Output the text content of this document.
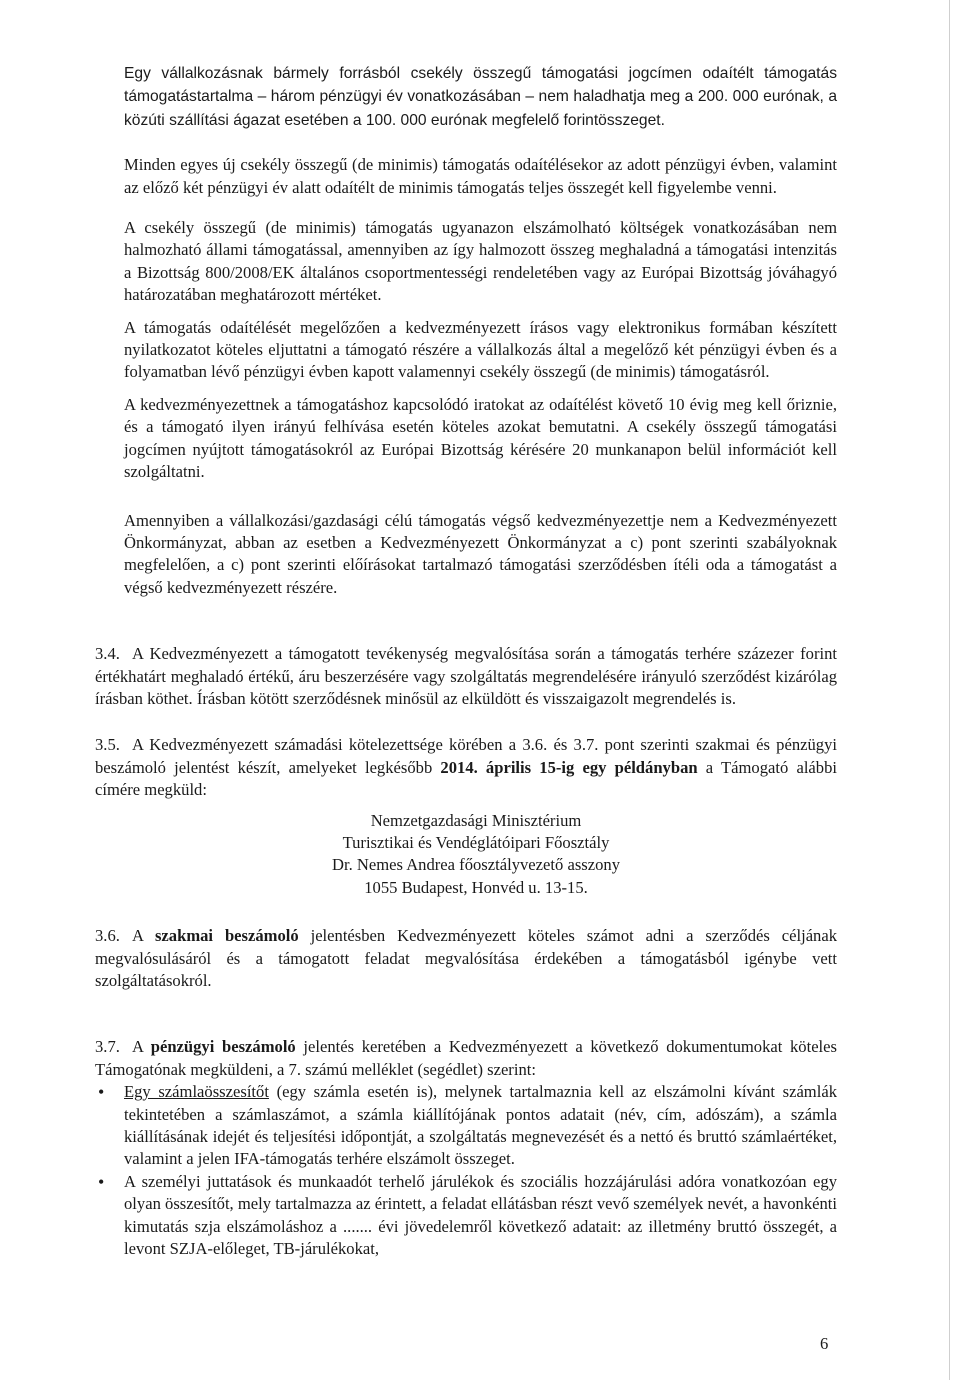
Egy vállalkozásnak bármely forrásból csekély összegű támogatási jogcímen odaítélt támogatás támogatástartalma – három pénzügyi év vonatkozásában – nem haladhatja meg a 200. 000 eurónak, a közúti szállítási ágazat esetében a 100. 000 eurónak megfelelő forintösszeget.

Minden egyes új csekély összegű (de minimis) támogatás odaítélésekor az adott pénzügyi évben, valamint az előző két pénzügyi év alatt odaítélt de minimis támogatás teljes összegét kell figyelembe venni.

A csekély összegű (de minimis) támogatás ugyanazon elszámolható költségek vonatkozásában nem halmozható állami támogatással, amennyiben az így halmozott összeg meghaladná a támogatási intenzitás a Bizottság 800/2008/EK általános csoportmentességi rendeletében vagy az Európai Bizottság jóváhagyó határozatában meghatározott mértéket.

A támogatás odaítélését megelőzően a kedvezményezett írásos vagy elektronikus formában készített nyilatkozatot köteles eljuttatni a támogató részére a vállalkozás által a megelőző két pénzügyi évben és a folyamatban lévő pénzügyi évben kapott valamennyi csekély összegű (de minimis) támogatásról.

A kedvezményezettnek a támogatáshoz kapcsolódó iratokat az odaítélést követő 10 évig meg kell őriznie, és a támogató ilyen irányú felhívása esetén köteles azokat bemutatni. A csekély összegű támogatási jogcímen nyújtott támogatásokról az Európai Bizottság kérésére 20 munkanapon belül információt kell szolgáltatni.

Amennyiben a vállalkozási/gazdasági célú támogatás végső kedvezményezettje nem a Kedvezményezett Önkormányzat, abban az esetben a Kedvezményezett Önkormányzat a c) pont szerinti szabályoknak megfelelően, a c) pont szerinti előírásokat tartalmazó támogatási szerződésben ítéli oda a támogatást a végső kedvezményezett részére.

3.4. A Kedvezményezett a támogatott tevékenység megvalósítása során a támogatás terhére százezer forint értékhatárt meghaladó értékű, áru beszerzésére vagy szolgáltatás megrendelésére irányuló szerződést kizárólag írásban köthet. Írásban kötött szerződésnek minősül az elküldött és visszaigazolt megrendelés is.

3.5. A Kedvezményezett számadási kötelezettsége körében a 3.6. és 3.7. pont szerinti szakmai és pénzügyi beszámoló jelentést készít, amelyeket legkésőbb 2014. április 15-ig egy példányban a Támogató alábbi címére megküld:

Nemzetgazdasági Minisztérium
Turisztikai és Vendéglátóipari Főosztály
Dr. Nemes Andrea főosztályvezető asszony
1055 Budapest, Honvéd u. 13-15.

3.6. A szakmai beszámoló jelentésben Kedvezményezett köteles számot adni a szerződés céljának megvalósulásáról és a támogatott feladat megvalósítása érdekében a támogatásból igénybe vett szolgáltatásokról.

3.7. A pénzügyi beszámoló jelentés keretében a Kedvezményezett a következő dokumentumokat köteles Támogatónak megküldeni, a 7. számú melléklet (segédlet) szerint:

• Egy számlaösszesítőt (egy számla esetén is), melynek tartalmaznia kell az elszámolni kívánt számlák tekintetében a számlaszámot, a számla kiállítójának pontos adatait (név, cím, adószám), a számla kiállításának idejét és teljesítési időpontját, a szolgáltatás megnevezését és a nettó és bruttó számlaértéket, valamint a jelen IFA-támogatás terhére elszámolt összeget.
• A személyi juttatások és munkaadót terhelő járulékok és szociális hozzájárulási adóra vonatkozóan egy olyan összesítőt, mely tartalmazza az érintett, a feladat ellátásban részt vevő személyek nevét, a havonkénti kimutatás szja elszámoláshoz a ....... évi jövedelemről következő adatait: az illetmény bruttó összegét, a levont SZJA-előleget, TB-járulékokat,
6
